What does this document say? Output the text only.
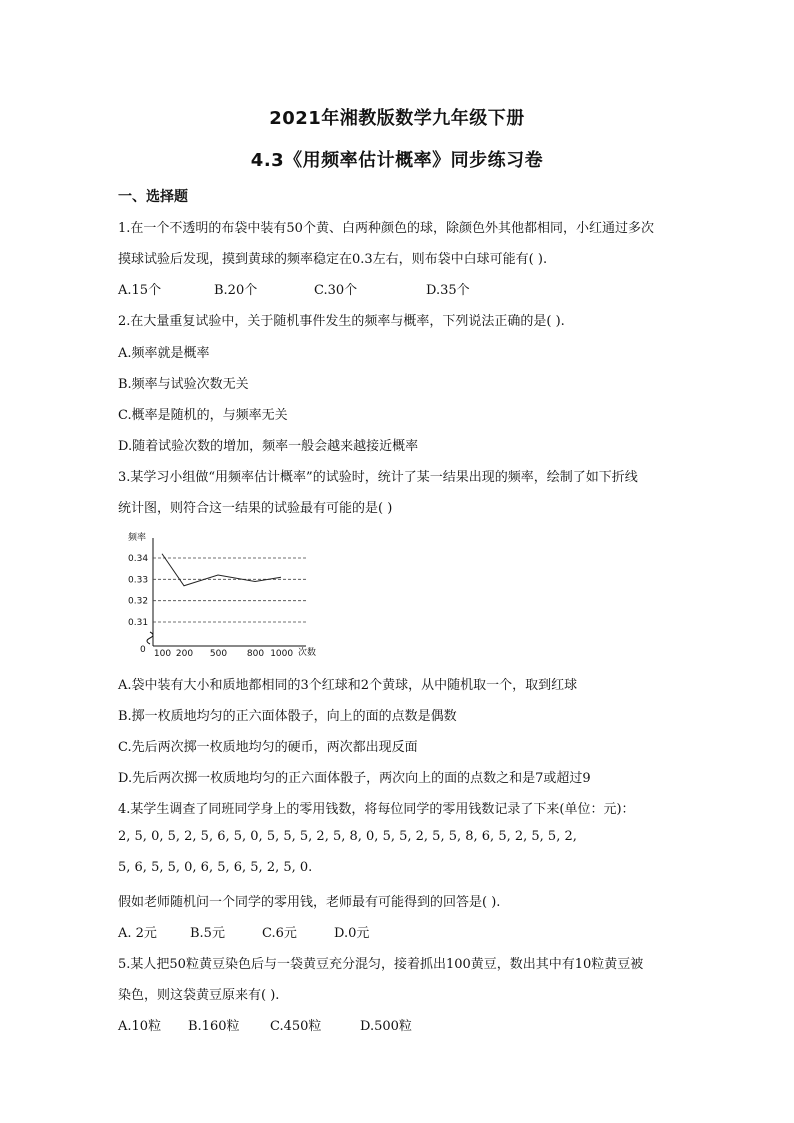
2021年湘教版数学九年级下册
4.3《用频率估计概率》同步练习卷
一、选择题
1.在一个不透明的布袋中装有50个黄、白两种颜色的球，除颜色外其他都相同，小红通过多次
摸球试验后发现，摸到黄球的频率稳定在0.3左右，则布袋中白球可能有( ).
A.15个	B.20个	C.30个	D.35个
2.在大量重复试验中，关于随机事件发生的频率与概率，下列说法正确的是( ).
A.频率就是概率
B.频率与试验次数无关
C.概率是随机的，与频率无关
D.随着试验次数的增加，频率一般会越来越接近概率
3.某学习小组做“用频率估计概率”的试验时，统计了某一结果出现的频率，绘制了如下折线
统计图，则符合这一结果的试验最有可能的是( )
频率
次数
0
0.34
0.33
0.32
0.31
100 200 500 800 1000
A.袋中装有大小和质地都相同的3个红球和2个黄球，从中随机取一个，取到红球
B.掷一枚质地均匀的正六面体骰子，向上的面的点数是偶数
C.先后两次掷一枚质地均匀的硬币，两次都出现反面
D.先后两次掷一枚质地均匀的正六面体骰子，两次向上的面的点数之和是7或超过9
4.某学生调查了同班同学身上的零用钱数，将每位同学的零用钱数记录了下来(单位：元)：
2, 5, 0, 5, 2, 5, 6, 5, 0, 5, 5, 5, 2, 5, 8, 0, 5, 5, 2, 5, 5, 8, 6, 5, 2, 5, 5, 2,
5, 6, 5, 5, 0, 6, 5, 6, 5, 2, 5, 0.
假如老师随机问一个同学的零用钱，老师最有可能得到的回答是( ).
A. 2元	B.5元	C.6元	D.0元
5.某人把50粒黄豆染色后与一袋黄豆充分混匀，接着抓出100黄豆，数出其中有10粒黄豆被
染色，则这袋黄豆原来有( ).
A.10粒 B.160粒 C.450粒	D.500粒
